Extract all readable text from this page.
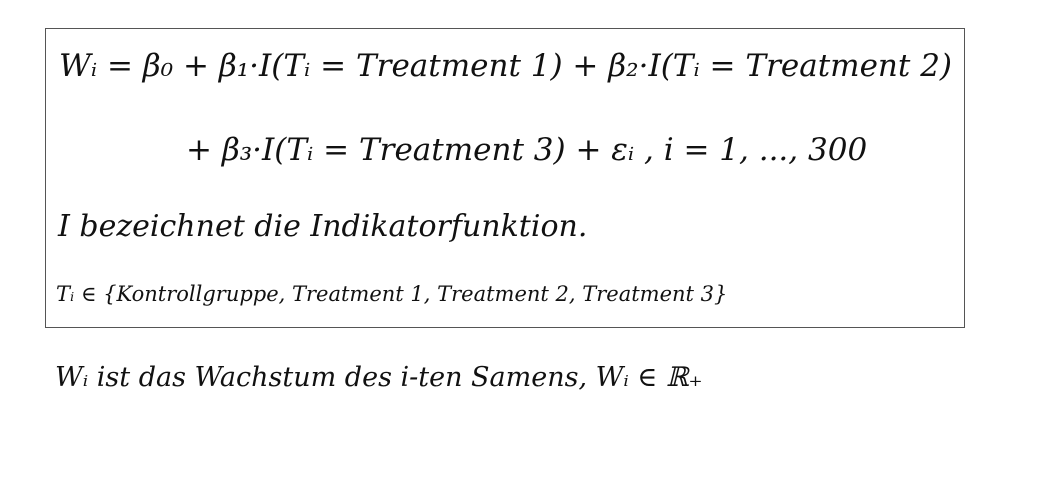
Wᵢ = β₀ + β₁·I(Tᵢ = Treatment 1) + β₂·I(Tᵢ = Treatment 2)
+ β₃·I(Tᵢ = Treatment 3) + εᵢ , i = 1, ..., 300
I bezeichnet die Indikatorfunktion.
Tᵢ ∈ {Kontrollgruppe, Treatment 1, Treatment 2, Treatment 3}
Wᵢ ist das Wachstum des i-ten Samens, Wᵢ ∈ ℝ₊
